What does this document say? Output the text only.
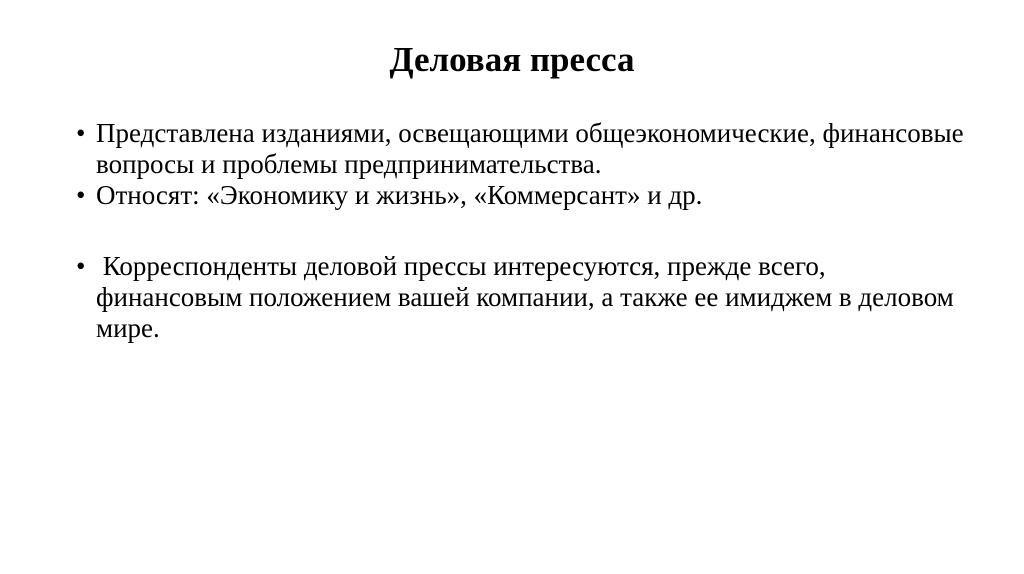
Деловая пресса
• Представлена изданиями, освещающими общеэкономические, финансовые вопросы и проблемы предпринимательства.
• Относят: «Экономику и жизнь», «Коммерсант» и др.
•  Корреспонденты деловой прессы интересуются, прежде всего, финансовым положением вашей компании, а также ее имиджем в деловом мире.
